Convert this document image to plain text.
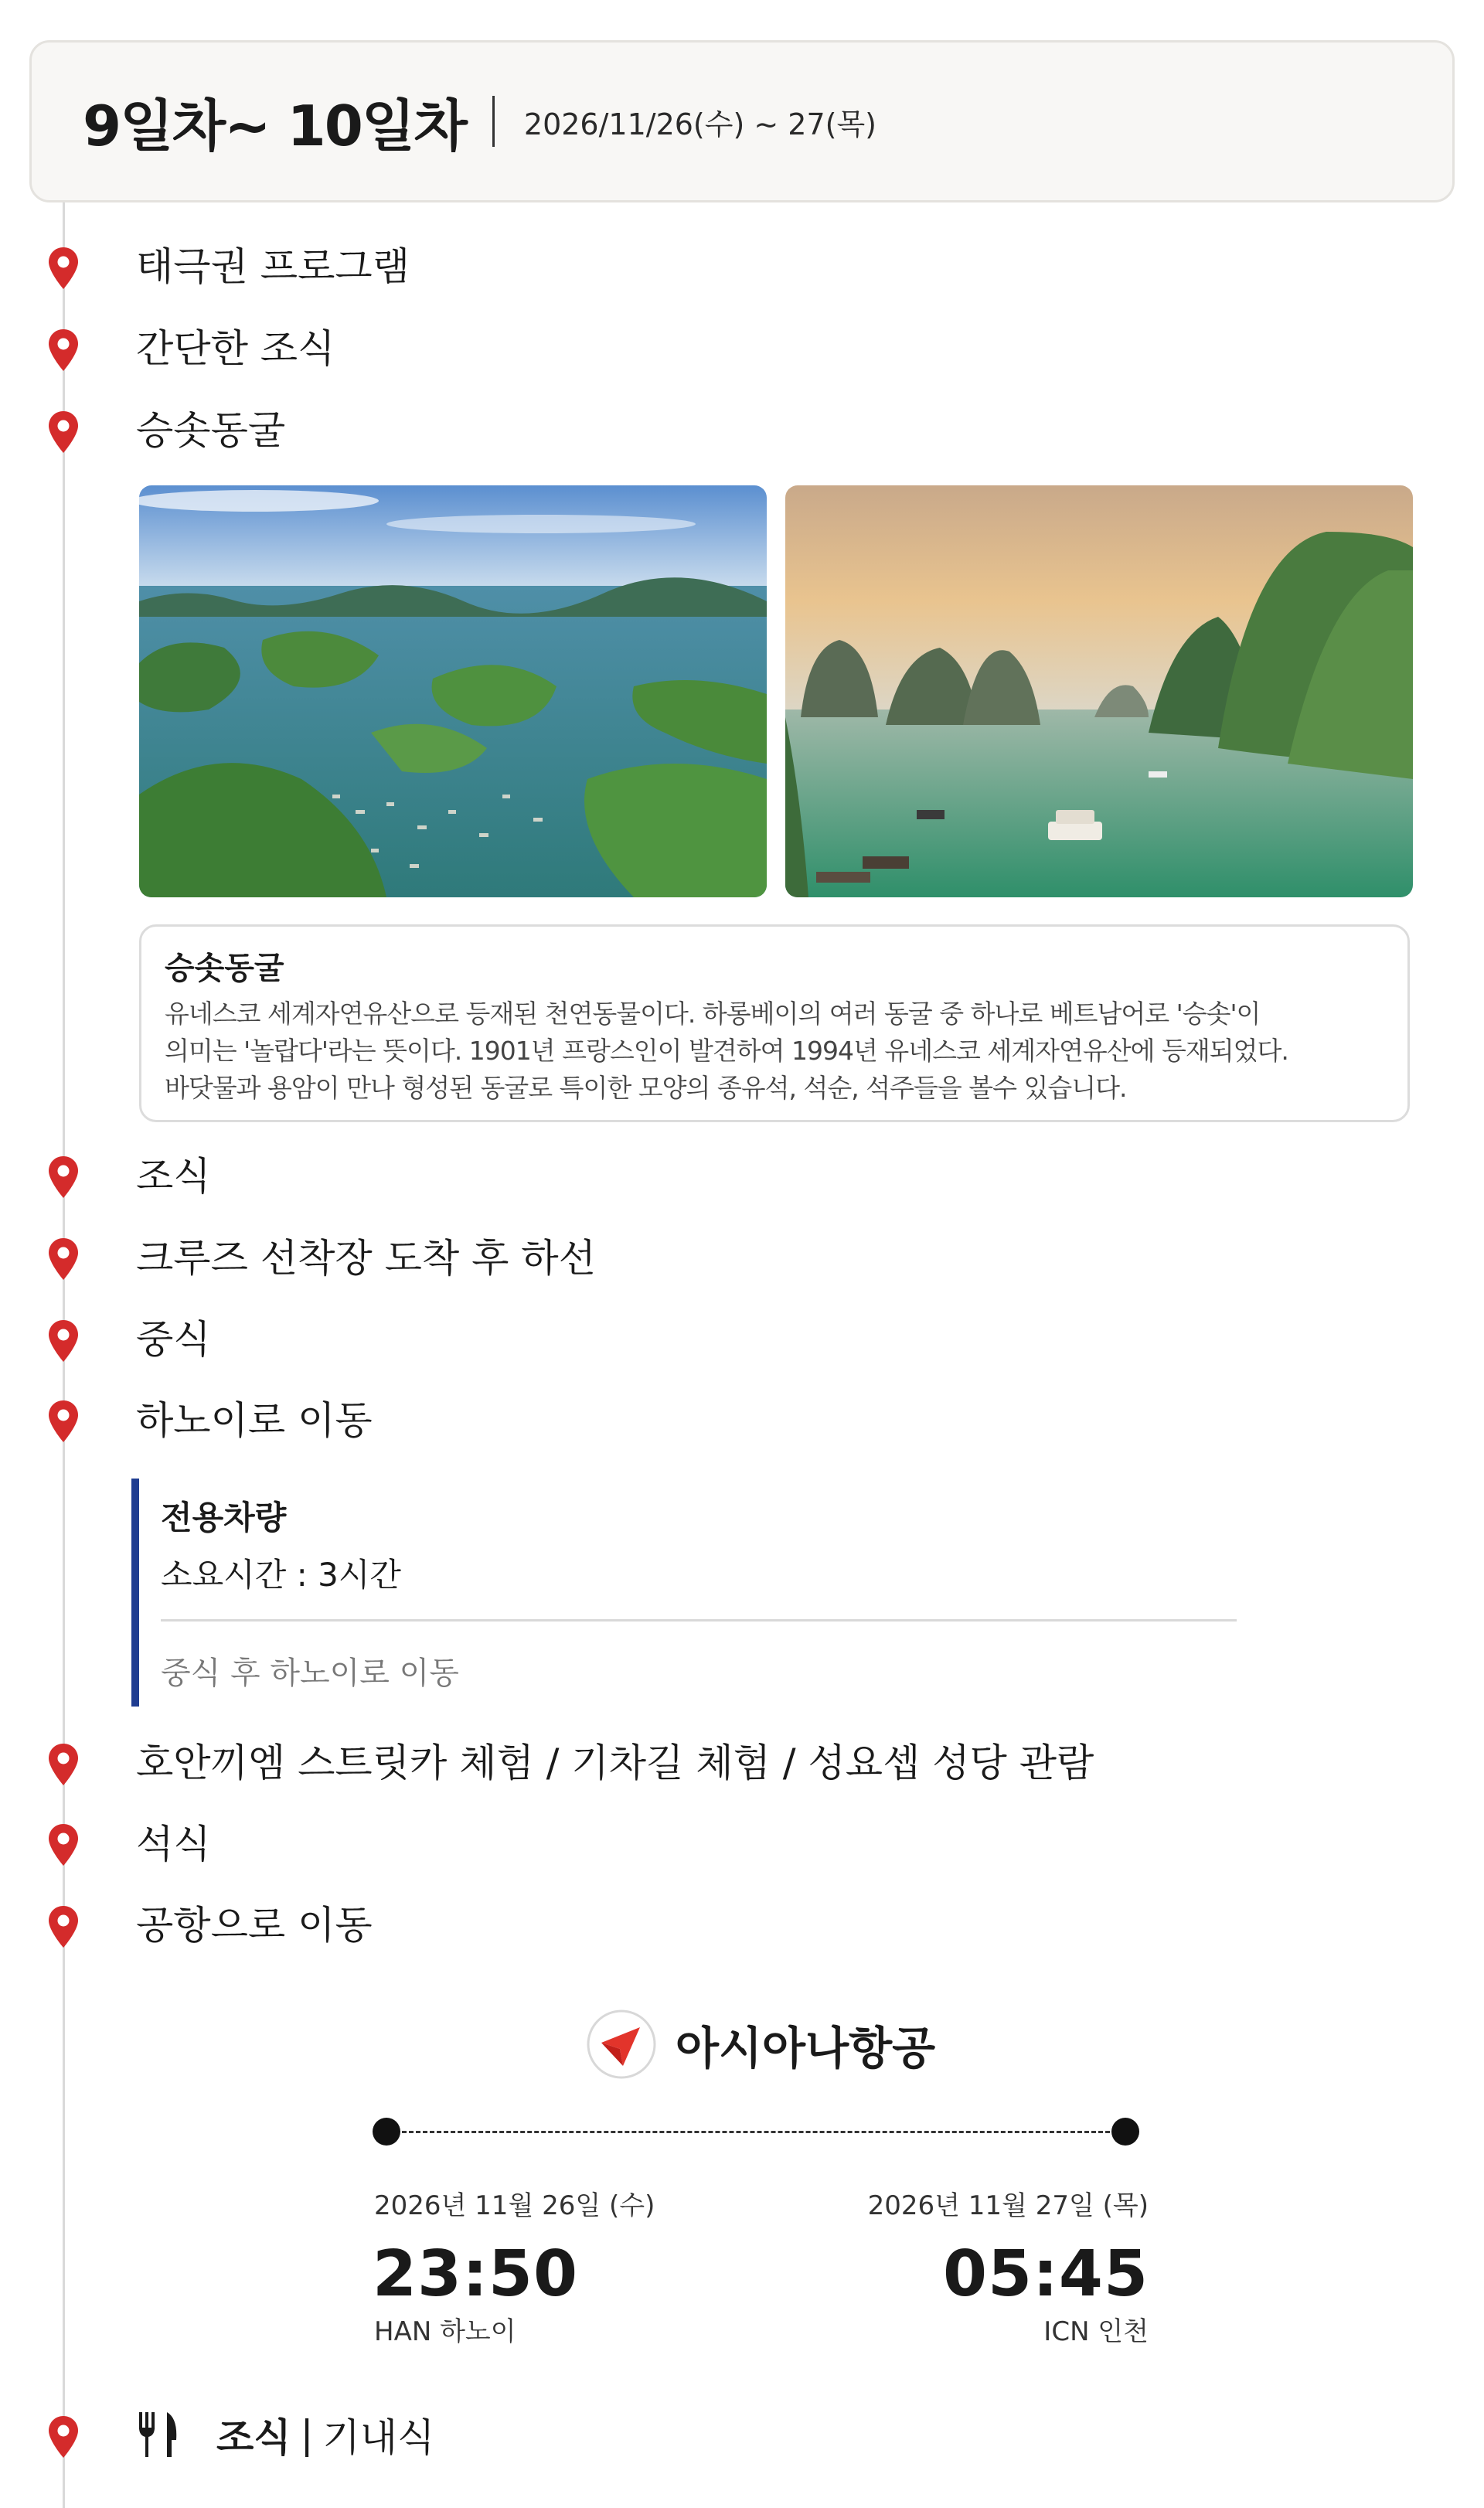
9일차~ 10일차 2026/11/26(수) ~ 27(목)
태극권 프로그램
간단한 조식
승솟동굴
승솟동굴
유네스코 세계자연유산으로 등재된 천연동물이다. 하롱베이의 여러 동굴 중 하나로 베트남어로 '승솟'이
의미는 '놀랍다'라는 뜻이다. 1901년 프랑스인이 발견하여 1994년 유네스코 세계자연유산에 등재되었다.
바닷물과 용암이 만나 형성된 동굴로 특이한 모양의 종유석, 석순, 석주들을 볼수 있습니다.
조식
크루즈 선착장 도착 후 하선
중식
하노이로 이동
전용차량
소요시간 : 3시간
중식 후 하노이로 이동
호안끼엠 스트릿카 체험 / 기차길 체험 / 성요셉 성당 관람
석식
공항으로 이동
아시아나항공
2026년 11월 26일 (수)
23:50
HAN 하노이
2026년 11월 27일 (목)
05:45
ICN 인천
조식 | 기내식
